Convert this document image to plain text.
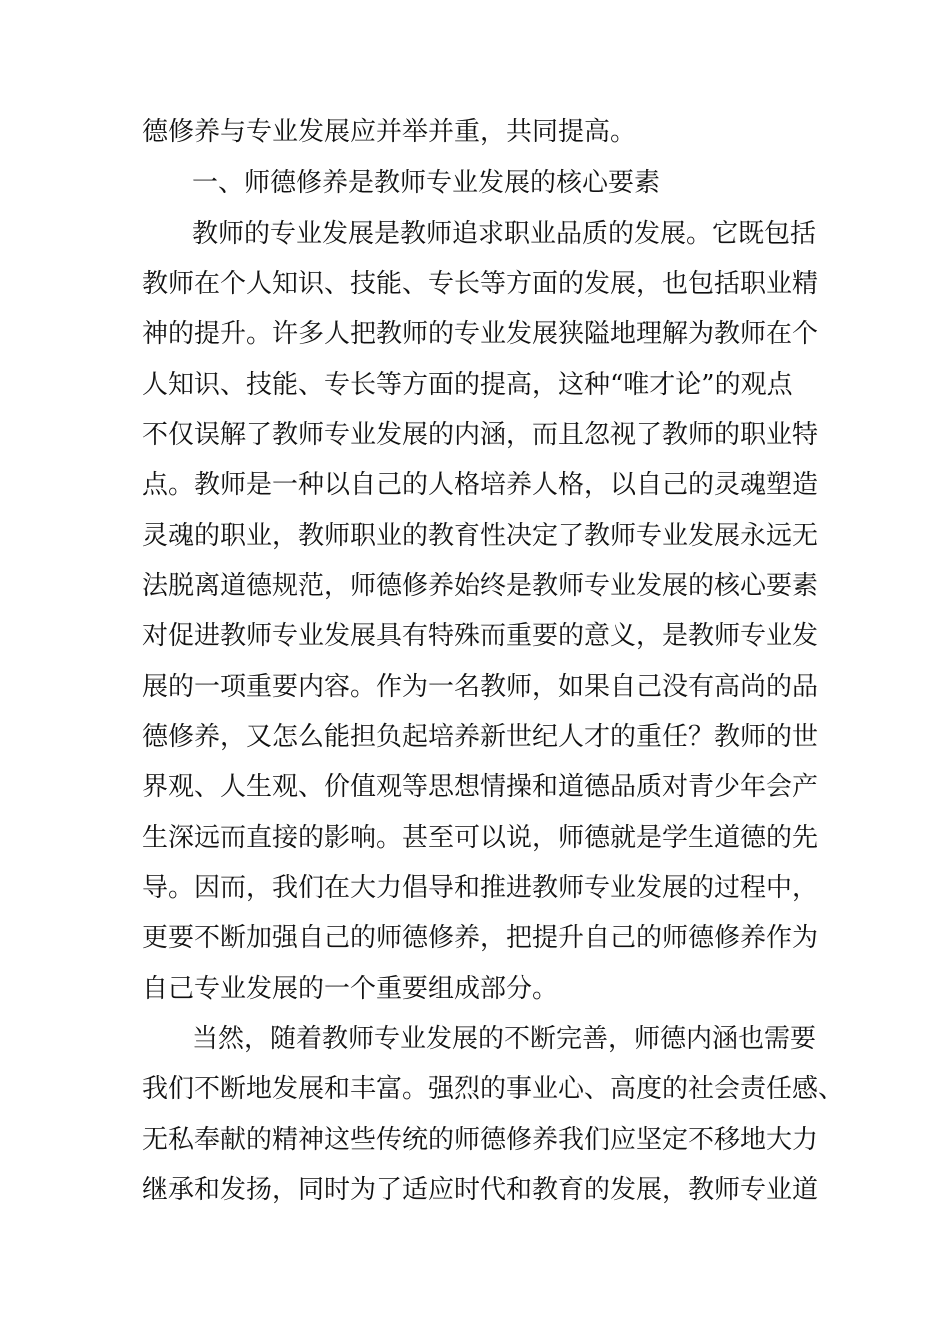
德修养与专业发展应并举并重，共同提高。
一、师德修养是教师专业发展的核心要素
教师的专业发展是教师追求职业品质的发展。它既包括
教师在个人知识、技能、专长等方面的发展，也包括职业精
神的提升。许多人把教师的专业发展狭隘地理解为教师在个
人知识、技能、专长等方面的提高，这种“唯才论”的观点
不仅误解了教师专业发展的内涵，而且忽视了教师的职业特
点。教师是一种以自己的人格培养人格，以自己的灵魂塑造
灵魂的职业，教师职业的教育性决定了教师专业发展永远无
法脱离道德规范，师德修养始终是教师专业发展的核心要素
对促进教师专业发展具有特殊而重要的意义，是教师专业发
展的一项重要内容。作为一名教师，如果自己没有高尚的品
德修养，又怎么能担负起培养新世纪人才的重任？教师的世
界观、人生观、价值观等思想情操和道德品质对青少年会产
生深远而直接的影响。甚至可以说，师德就是学生道德的先
导。因而，我们在大力倡导和推进教师专业发展的过程中，
更要不断加强自己的师德修养，把提升自己的师德修养作为
自己专业发展的一个重要组成部分。
当然，随着教师专业发展的不断完善，师德内涵也需要
我们不断地发展和丰富。强烈的事业心、高度的社会责任感、
无私奉献的精神这些传统的师德修养我们应坚定不移地大力
继承和发扬，同时为了适应时代和教育的发展，教师专业道
